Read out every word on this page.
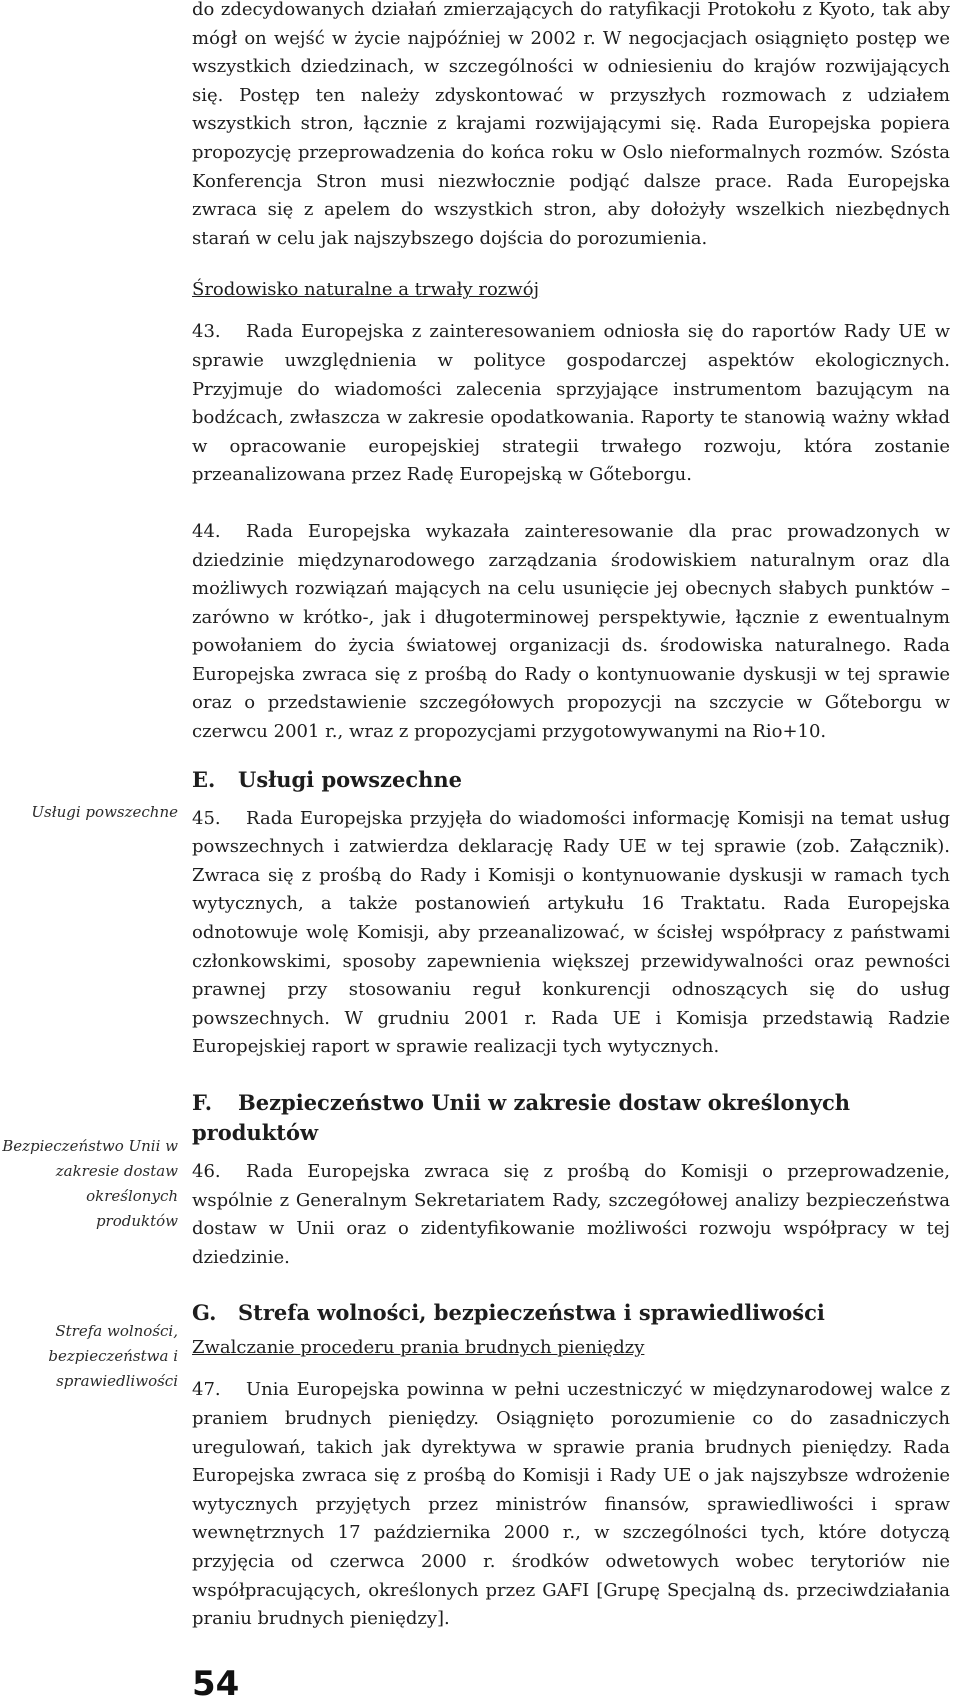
Usługi powszechne
Bezpieczeństwo Unii w zakresie dostaw określonych produktów
Strefa wolności, bezpieczeństwa i sprawiedliwości

do zdecydowanych działań zmierzających do ratyfikacji Protokołu z Kyoto, tak aby mógł on wejść w życie najpóźniej w 2002 r. W negocjacjach osiągnięto postęp we wszystkich dziedzinach, w szczególności w odniesieniu do krajów rozwijających się. Postęp ten należy zdyskontować w przyszłych rozmowach z udziałem wszystkich stron, łącznie z krajami rozwijającymi się. Rada Europejska popiera propozycję przeprowadzenia do końca roku w Oslo nieformalnych rozmów. Szósta Konferencja Stron musi niezwłocznie podjąć dalsze prace. Rada Europejska zwraca się z apelem do wszystkich stron, aby dołożyły wszelkich niezbędnych starań w celu jak najszybszego dojścia do porozumienia.

Środowisko naturalne a trwały rozwój

43. Rada Europejska z zainteresowaniem odniosła się do raportów Rady UE w sprawie uwzględnienia w polityce gospodarczej aspektów ekologicznych. Przyjmuje do wiadomości zalecenia sprzyjające instrumentom bazującym na bodźcach, zwłaszcza w zakresie opodatkowania. Raporty te stanowią ważny wkład w opracowanie europejskiej strategii trwałego rozwoju, która zostanie przeanalizowana przez Radę Europejską w Gőteborgu.

44. Rada Europejska wykazała zainteresowanie dla prac prowadzonych w dziedzinie międzynarodowego zarządzania środowiskiem naturalnym oraz dla możliwych rozwiązań mających na celu usunięcie jej obecnych słabych punktów – zarówno w krótko-, jak i długoterminowej perspektywie, łącznie z ewentualnym powołaniem do życia światowej organizacji ds. środowiska naturalnego. Rada Europejska zwraca się z prośbą do Rady o kontynuowanie dyskusji w tej sprawie oraz o przedstawienie szczegółowych propozycji na szczycie w Gőteborgu w czerwcu 2001 r., wraz z propozycjami przygotowywanymi na Rio+10.

E. Usługi powszechne

45. Rada Europejska przyjęła do wiadomości informację Komisji na temat usług powszechnych i zatwierdza deklarację Rady UE w tej sprawie (zob. Załącznik). Zwraca się z prośbą do Rady i Komisji o kontynuowanie dyskusji w ramach tych wytycznych, a także postanowień artykułu 16 Traktatu. Rada Europejska odnotowuje wolę Komisji, aby przeanalizować, w ścisłej współpracy z państwami członkowskimi, sposoby zapewnienia większej przewidywalności oraz pewności prawnej przy stosowaniu reguł konkurencji odnoszących się do usług powszechnych. W grudniu 2001 r. Rada UE i Komisja przedstawią Radzie Europejskiej raport w sprawie realizacji tych wytycznych.

F. Bezpieczeństwo Unii w zakresie dostaw określonych produktów

46. Rada Europejska zwraca się z prośbą do Komisji o przeprowadzenie, wspólnie z Generalnym Sekretariatem Rady, szczegółowej analizy bezpieczeństwa dostaw w Unii oraz o zidentyfikowanie możliwości rozwoju współpracy w tej dziedzinie.

G. Strefa wolności, bezpieczeństwa i sprawiedliwości

Zwalczanie procederu prania brudnych pieniędzy

47. Unia Europejska powinna w pełni uczestniczyć w międzynarodowej walce z praniem brudnych pieniędzy. Osiągnięto porozumienie co do zasadniczych uregulowań, takich jak dyrektywa w sprawie prania brudnych pieniędzy. Rada Europejska zwraca się z prośbą do Komisji i Rady UE o jak najszybsze wdrożenie wytycznych przyjętych przez ministrów finansów, sprawiedliwości i spraw wewnętrznych 17 października 2000 r., w szczególności tych, które dotyczą przyjęcia od czerwca 2000 r. środków odwetowych wobec terytoriów nie współpracujących, określonych przez GAFI [Grupę Specjalną ds. przeciwdziałania praniu brudnych pieniędzy].

54
